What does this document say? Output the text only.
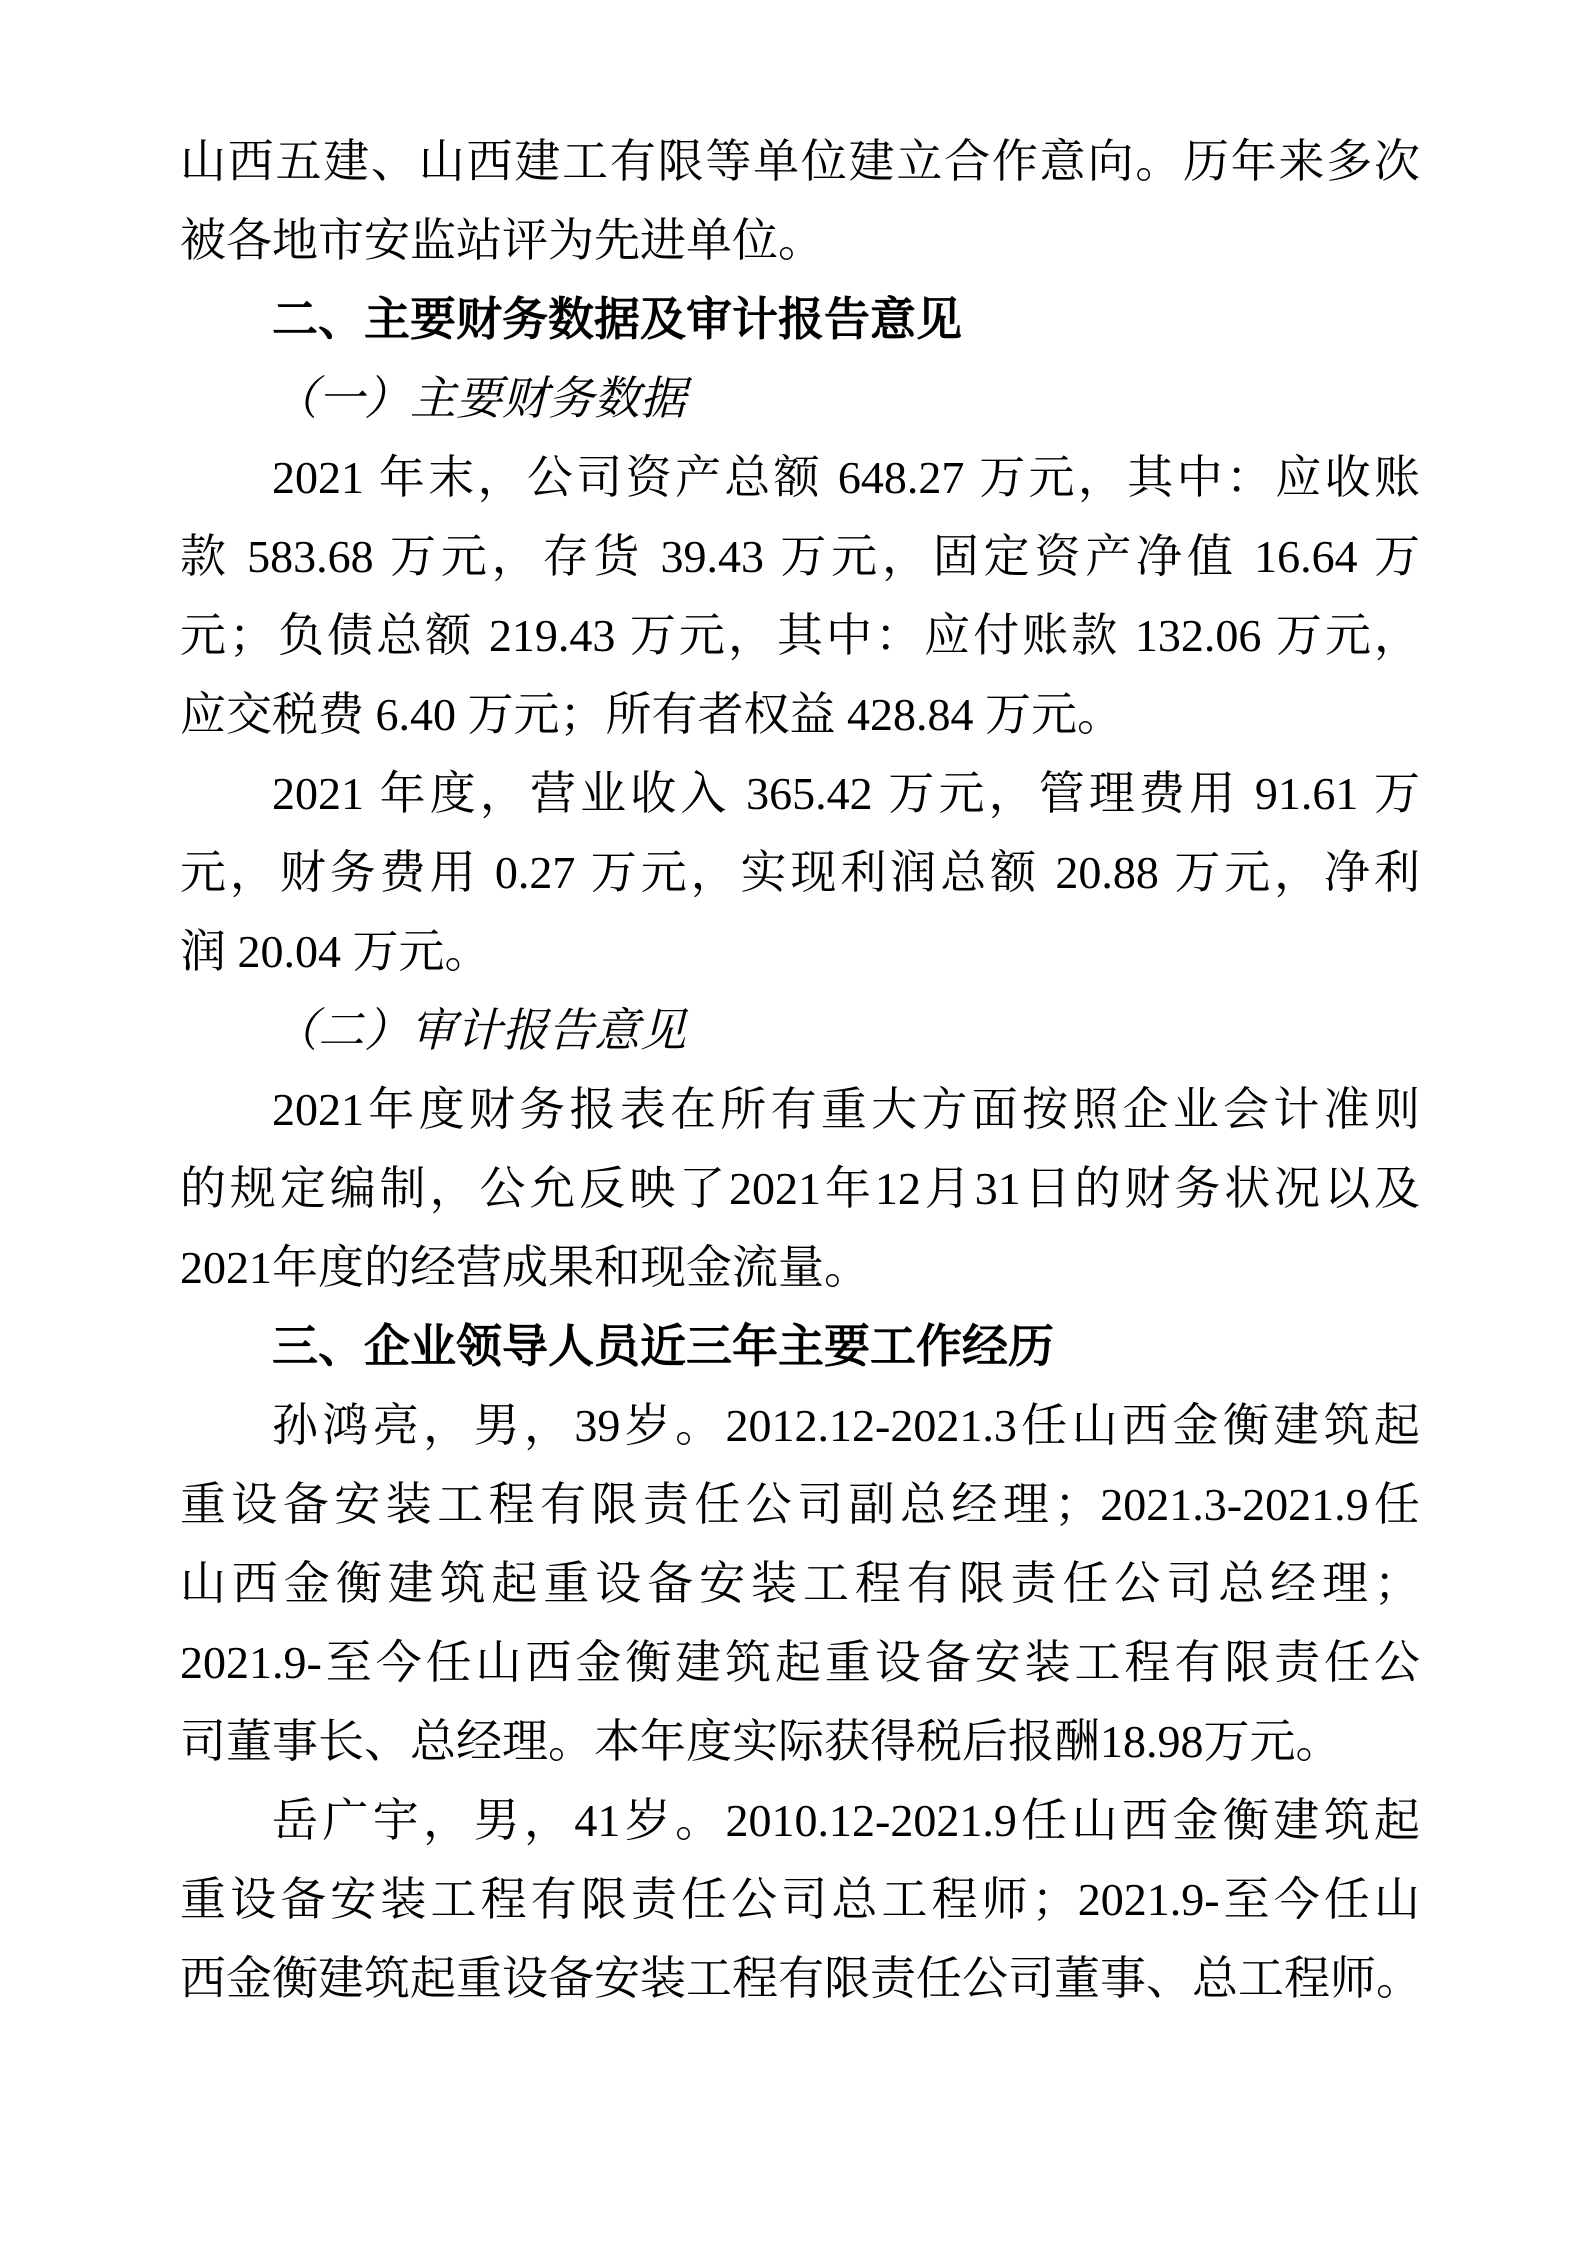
山西五建、山西建工有限等单位建立合作意向。历年来多次
被各地市安监站评为先进单位。
二、主要财务数据及审计报告意见
（一）主要财务数据
2021 年末，公司资产总额 648.27 万元，其中：应收账
款 583.68 万元，存货 39.43 万元，固定资产净值 16.64 万
元；负债总额 219.43 万元，其中：应付账款 132.06 万元，
应交税费 6.40 万元；所有者权益 428.84 万元。
2021 年度，营业收入 365.42 万元，管理费用 91.61 万
元，财务费用 0.27 万元，实现利润总额 20.88 万元，净利
润 20.04 万元。
（二）审计报告意见
2021年度财务报表在所有重大方面按照企业会计准则
的规定编制，公允反映了2021年12月31日的财务状况以及
2021年度的经营成果和现金流量。
三、企业领导人员近三年主要工作经历
孙鸿亮，男，39岁。2012.12-2021.3任山西金衡建筑起
重设备安装工程有限责任公司副总经理；2021.3-2021.9任
山西金衡建筑起重设备安装工程有限责任公司总经理；
2021.9-至今任山西金衡建筑起重设备安装工程有限责任公
司董事长、总经理。本年度实际获得税后报酬18.98万元。
岳广宇，男，41岁。2010.12-2021.9任山西金衡建筑起
重设备安装工程有限责任公司总工程师；2021.9-至今任山
西金衡建筑起重设备安装工程有限责任公司董事、总工程师。
